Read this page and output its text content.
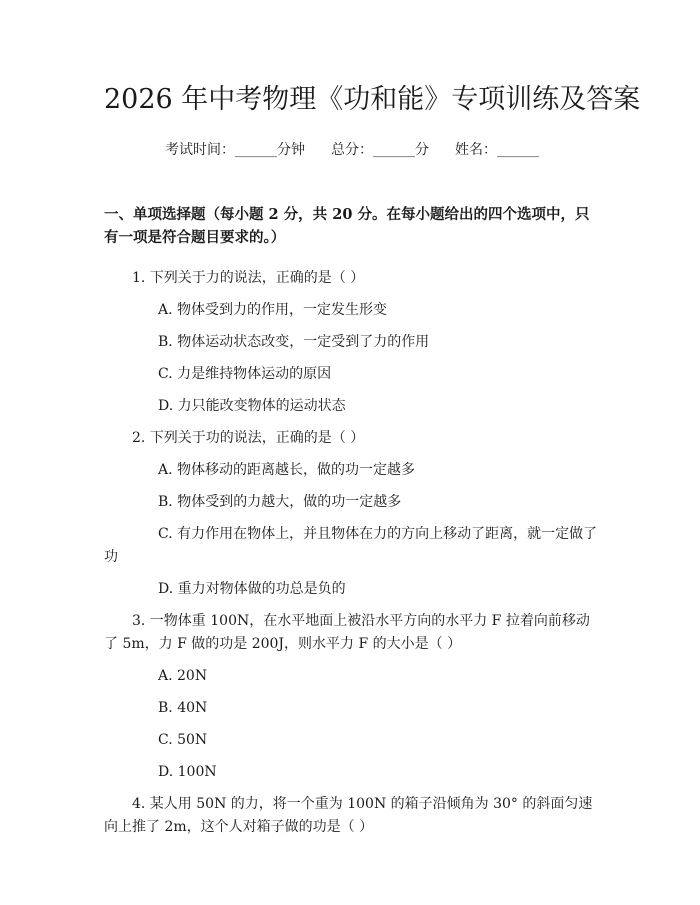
2026 年中考物理《功和能》专项训练及答案
考试时间：______分钟 总分：______分 姓名：______
一、单项选择题（每小题 2 分，共 20 分。在每小题给出的四个选项中，只有一项是符合题目要求的。）
1. 下列关于力的说法，正确的是（ ）
A. 物体受到力的作用，一定发生形变
B. 物体运动状态改变，一定受到了力的作用
C. 力是维持物体运动的原因
D. 力只能改变物体的运动状态
2. 下列关于功的说法，正确的是（ ）
A. 物体移动的距离越长，做的功一定越多
B. 物体受到的力越大，做的功一定越多
C. 有力作用在物体上，并且物体在力的方向上移动了距离，就一定做了功
D. 重力对物体做的功总是负的
3. 一物体重 100N，在水平地面上被沿水平方向的水平力 F 拉着向前移动了 5m，力 F 做的功是 200J，则水平力 F 的大小是（ ）
A. 20N
B. 40N
C. 50N
D. 100N
4. 某人用 50N 的力，将一个重为 100N 的箱子沿倾角为 30° 的斜面匀速向上推了 2m，这个人对箱子做的功是（ ）
